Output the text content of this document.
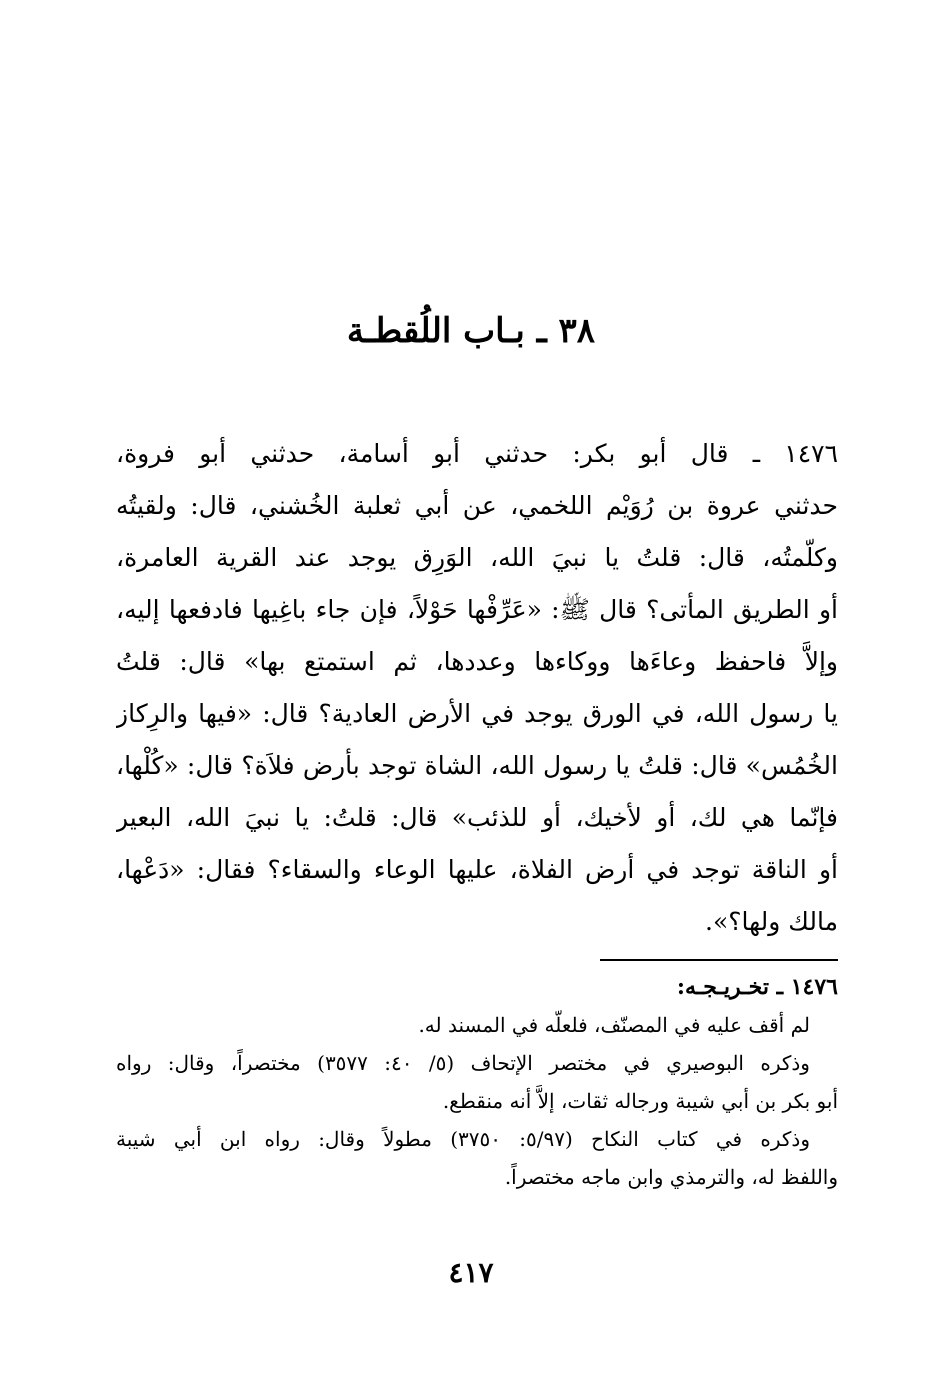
٣٨ ـ بـاب اللُقطـة
١٤٧٦ ـ قال أبو بكر: حدثني أبو أسامة، حدثني أبو فروة،
حدثني عروة بن رُوَيْم اللخمي، عن أبي ثعلبة الخُشني، قال: ولقيتُه
وكلّمتُه، قال: قلتُ يا نبيَ الله، الوَرِق يوجد عند القرية العامرة،
أو الطريق المأتى؟ قال ﷺ: «عَرِّفْها حَوْلاً، فإن جاء باغِيها فادفعها إليه،
وإلاَّ فاحفظ وعاءَها ووكاءها وعددها، ثم استمتع بها» قال: قلتُ
يا رسول الله، في الورق يوجد في الأرض العادية؟ قال: «فيها والرِكاز
الخُمُس» قال: قلتُ يا رسول الله، الشاة توجد بأرض فلاَة؟ قال: «كُلْها،
فإنّما هي لك، أو لأخيك، أو للذئب» قال: قلتُ: يا نبيَ الله، البعير
أو الناقة توجد في أرض الفلاة، عليها الوعاء والسقاء؟ فقال: «دَعْها،
مالك ولها؟».
١٤٧٦ ـ تخـريـجـه:
لم أقف عليه في المصنّف، فلعلّه في المسند له.
وذكره البوصيري في مختصر الإتحاف (٥/ ٤٠: ٣٥٧٧) مختصراً، وقال: رواه
أبو بكر بن أبي شيبة ورجاله ثقات، إلاَّ أنه منقطع.
وذكره في كتاب النكاح (٥/٩٧: ٣٧٥٠) مطولاً وقال: رواه ابن أبي شيبة
واللفظ له، والترمذي وابن ماجه مختصراً.
٤١٧
